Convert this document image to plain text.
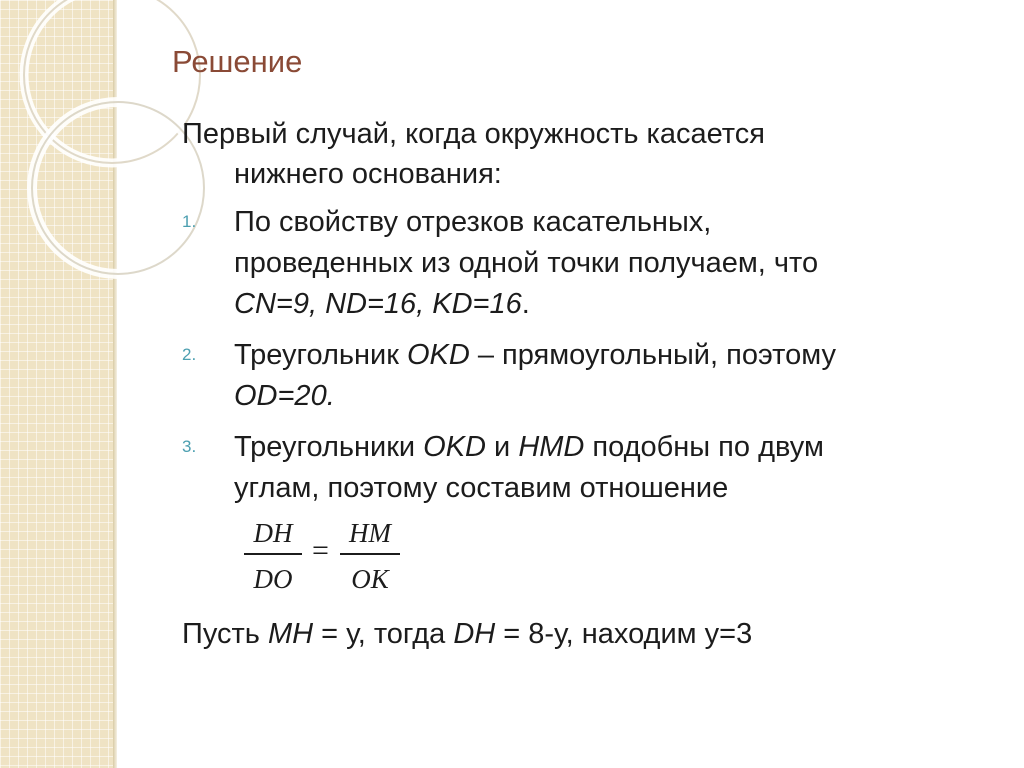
Решение
Первый случай, когда окружность касается
нижнего основания:
1. По свойству отрезков касательных,
проведенных из одной точки получаем, что
CN=9, ND=16, KD=16.
2. Треугольник OKD – прямоугольный, поэтому
OD=20.
3. Треугольники OKD и HMD подобны по двум
углам, поэтому составим отношение
DH
DO
=
HM
OK
Пусть MH = у, тогда DH = 8-у, находим у=3
